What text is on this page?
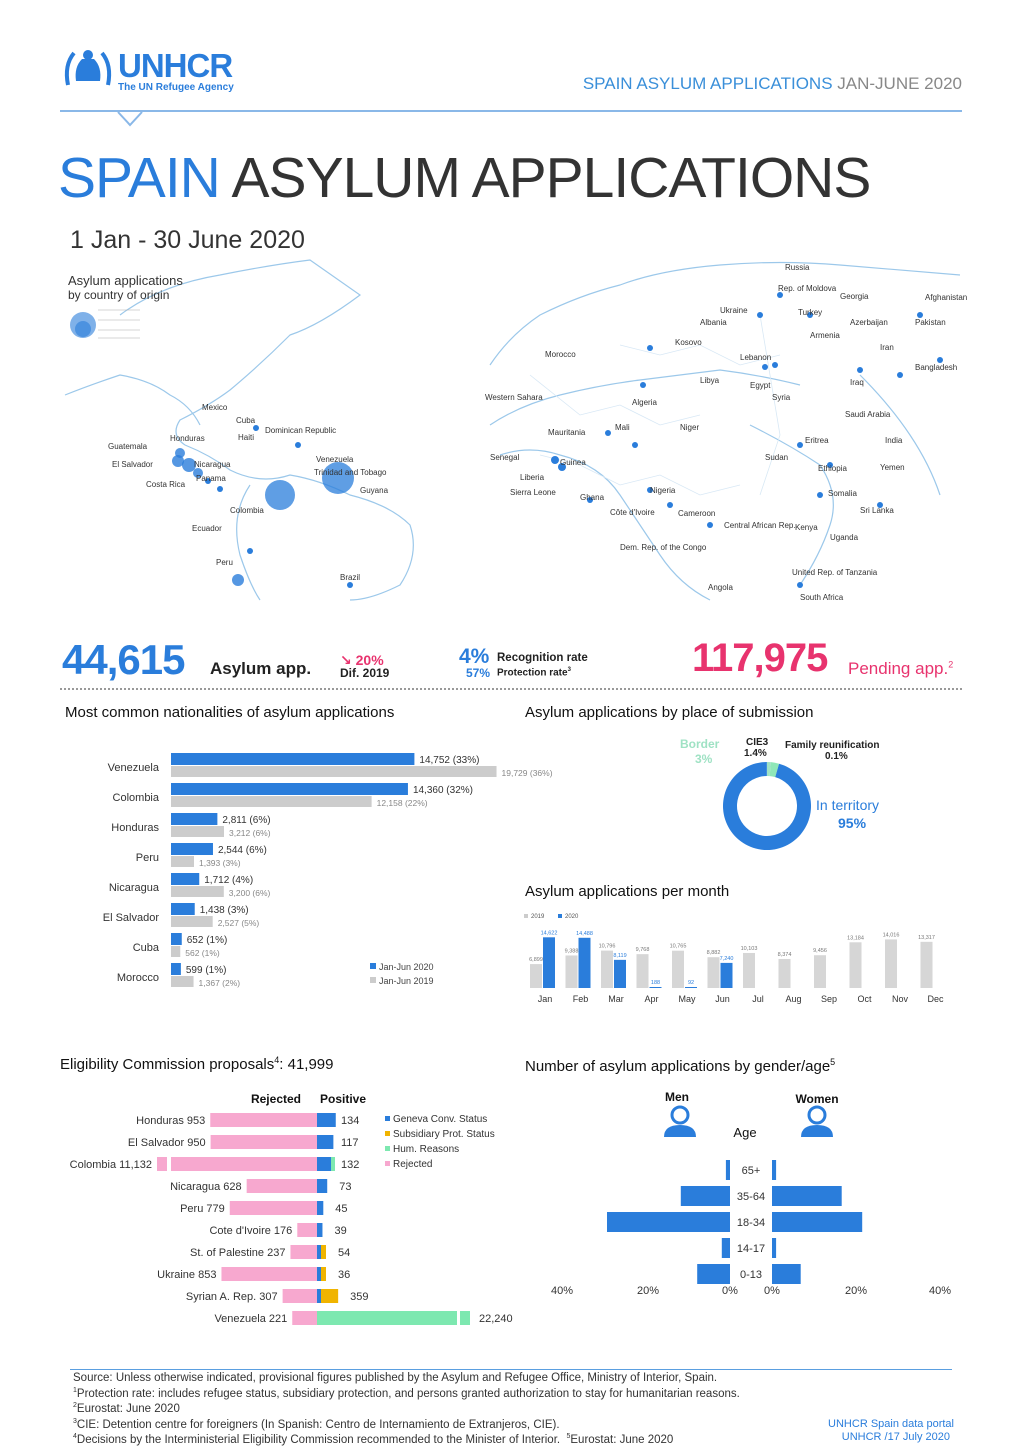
UNHCR
The UN Refugee Agency	SPAIN ASYLUM APPLICATIONS JAN-JUNE 2020
SPAIN ASYLUM APPLICATIONS
1 Jan - 30 June 2020
Mexico
Cuba
Guatemala
Haiti
Dominican Republic
Honduras
El Salvador	Nicaragua
Costa Rica
Panama
Venezuela
Colombia
Ecuador
Peru
Guyana
Trinidad and Tobago
Brazil
Russia
Ukraine
Rep. of Moldova
Georgia
Armenia
Azerbaijan
Turkey
Albania
Kosovo
Syria
Lebanon
Iraq
Iran
Morocco
Algeria
Libya
Egypt
Western Sahara
Mauritania
Mali	Niger
Senegal
Guinea
Nigeria
Cameroon
Sudan
Eritrea
Ethiopia
Somalia
Pakistan
Afghanistan
Bangladesh
India
Sri Lanka
Saudi Arabia
Yemen
Kenya
Angola
Dem. Rep. of the Congo
Uganda
United Rep. of Tanzania
South Africa
Côte d'Ivoire
Ghana
Sierra Leone
Liberia
Central African Rep.
Asylum applications
by country of origin
44,615 Asylum app. ↘ 20%
Dif. 2019
4% Recognition rate
57% Protection rate$^3$	117,975 Pending app.$^2$
Most common nationalities of asylum applications
Venezuela
14,752 (33%)
19,729 (36%)
Colombia
14,360 (32%)
12,158 (22%)
Honduras
2,811 (6%)
3,212 (6%)
Peru
2,544 (6%)
1,393 (3%)
Nicaragua
1,712 (4%)
3,200 (6%)
El Salvador
1,438 (3%)
2,527 (5%)
Cuba
652 (1%)
562 (1%)
Morocco
599 (1%)
1,367 (2%)
Jan-Jun 2020
Jan-Jun 2019
Asylum applications by place of submission
In territory
95%
Border
3%
CIE3
1.4%
Family reunification
0.1%
Asylum applications per month
2019	2020
6,899
14,622
Jan
9,388
14,488
Feb
10,796
8,119
Mar
9,768
188
Apr
10,765
92
May
8,882
7,240
Jun
10,103
Jul
8,374
Aug
9,456
Sep
13,184
Oct
14,016
Nov
13,317
Dec
Eligibility Commission proposals$^4$: 41,999
Rejected Positive
Honduras 953	134
El Salvador 950	117
Colombia 11,132	132
Nicaragua 628	73
Peru 779	45
Cote d'Ivoire 176	39
St. of Palestine 237	54
Ukraine 853	36
Syrian A. Rep. 307	359
Venezuela 221	22,240
Geneva Conv. Status
Subsidiary Prot. Status
Hum. Reasons
Rejected
Number of asylum applications by gender/age$^5$
Men	Women
Age
65+
35-64
18-34
14-17
0-13
40%	20%	0% 0%	20%	40%
Source: Unless otherwise indicated, provisional figures published by the Asylum and Refugee Office, Ministry of Interior, Spain.
$^1$Protection rate: includes refugee status, subsidiary protection, and persons granted authorization to stay for humanitarian reasons.
$^2$Eurostat: June 2020
$^3$CIE: Detention centre for foreigners (In Spanish: Centro de Internamiento de Extranjeros, CIE).
$^4$Decisions by the Interministerial Eligibility Commission recommended to the Minister of Interior. $^5$Eurostat: June 2020
UNHCR Spain data portal
UNHCR /17 July 2020
